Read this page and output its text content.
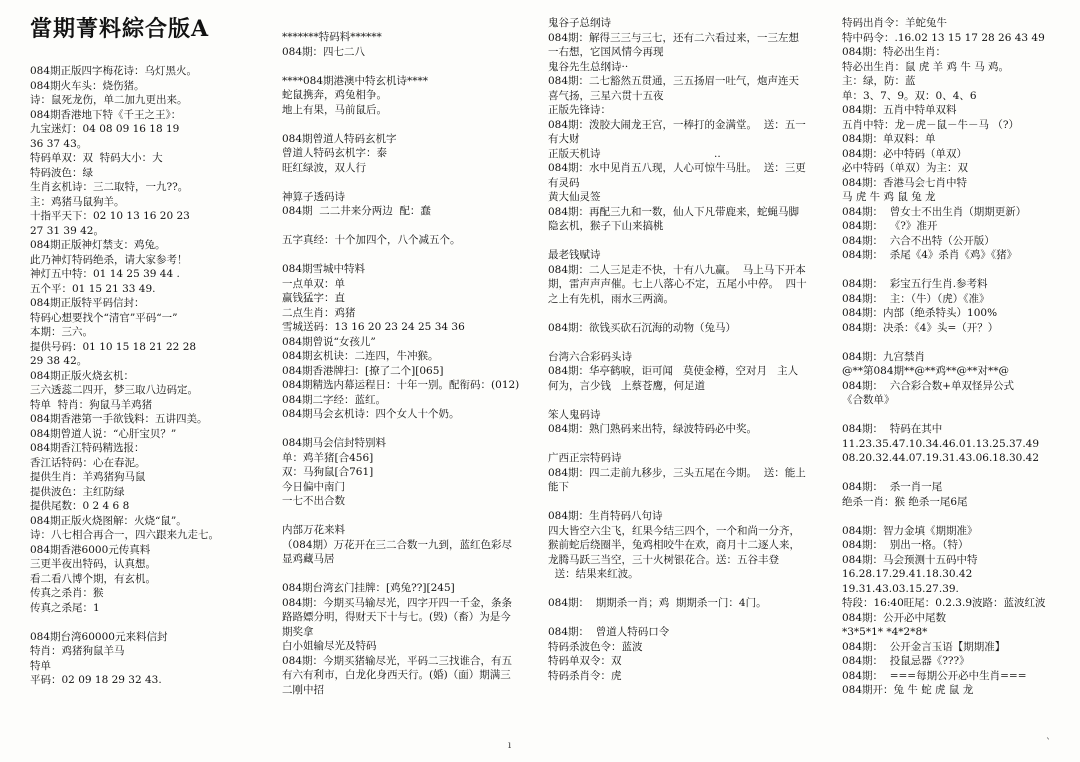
當期菁料綜合版A
084期正版四字梅花诗：乌灯黑火。
084期火车头：烧伤猪。
诗：鼠死龙伤，单二加九更出来。
084期香港地下特《千王之王》：
九宝迷灯：04 08 09 16 18 19
36 37 43。
特码单双：双  特码大小：大
特码波色：绿
生肖玄机诗：三二取特，一九??。
主：鸡猪马鼠狗羊。
十指平天下：02 10 13 16 20 23
27 31 39 42。
084期正版神灯禁支：鸡兔。
此乃神灯特码绝杀，请大家参考！
神灯五中特：01 14 25 39 44 .
五个平：01 15 21 33 49.
084期正版特平码信封：
特码心想要找个“清官”平码“一”
本期：三六。
提供号码：01 10 15 18 21 22 28
29 38 42。
084期正版火烧玄机：
三六透蕊二四开，梦三取八边码定。
特单  特肖：狗鼠马羊鸡猪
084期香港第一手欲钱料：五讲四美。
084期曾道人说：“心肝宝贝？”
084期香江特码精选报：
香江话特码：心在春泥。
提供生肖：羊鸡猪狗马鼠
提供波色：主红防绿
提供尾数：0 2 4 6 8
084期正版火烧图解：火烧“鼠”。
诗：八七相合再合一，四六跟来九走七。
084期香港6000元传真料
三更半夜出特码，认真想。
看二看八博个期，有玄机。
传真之杀肖：猴
传真之杀尾：1
084期台湾60000元来料信封
特肖：鸡猪狗鼠羊马
特单
平码：02 09 18 29 32 43.
*******特码料******
084期：四七二八
****084期港澳中特玄机诗****
蛇鼠携奔，鸡兔相争。
地上有果，马前鼠后。
084期曾道人特码玄机字
曾道人特码玄机字：泰
旺红绿波，双人行
神算子透码诗
084期  二二井来分两边  配：蠢
五字真经：十个加四个，八个减五个。
084期雪城中特料
一点单双：单
赢钱猛字：直
二点生肖：鸡猪
雪城送码：13 16 20 23 24 25 34 36
084期曾说“女孩儿”
084期玄机诀：二连四，牛冲猴。
084期香港牌扫：[撩了二个][065]
084期精选内幕运程日：十年一别。配衔码：(012)
084期二字经：蓝红。
084期马会玄机诗：四个女人十个奶。
084期马会信封特别料
单：鸡羊猪[合456]
双：马狗鼠[合761]
今日偏中南门
一七不出合数
内部万花来料
（084期）万花开在三二合数一九到，蓝红色彩尽
显鸡藏马居
084期台湾玄门挂牌：[鸡兔??][245]
084期：今期买马输尽光，四字开四一千金，条条
路路嫖分明，得财天下十与七。(毁)（畜）为是今
期奖拿
白小姐输尽光及特码
084期：今期买猪输尽光，平码二三找谁合，有五
有六有利市，白龙化身西天行。(婚)（面）期满三
二刚中招
鬼谷子总纲诗
084期：解得三三与三七，还有二六看过来，一三左想
一右想，它国风情今再现
鬼谷先生总纲诗··
084期：二七豁然五贯通，三五扬眉一吐气，炮声连天
喜气扬，三星六贯十五夜
正版先锋诗：
084期：泼胶大闹龙王宫，一棒打的金满堂。  送：五一
有大财
正版天机诗                                  ..
084期：水中见肖五八现，人心可惊牛马肚。  送：三更
有灵码
黄大仙灵签
084期：再配三九和一数，仙人下凡带鹿来，蛇蝇马脚
隐玄机，猴子下山来搞桃
最老钱赋诗
084期：二人三足走不快，十有八九赢。  马上马下开本
期，雷声声声催。七上八落心不定，五尾小中停。  四十
之上有先机，雨水三两滴。
084期：欲钱买砍石沉海的动物（兔马）
台湾六合彩码头诗
084期：华亭鹤唳，讵可闻   莫使金樽，空对月   主人
何为，言少钱   上蔡苍鹰，何足道
笨人鬼码诗
084期：熟门熟码来出特，绿波特码必中奖。
广西正宗特码诗
084期：四二走前九移步，三头五尾在今期。  送：能上
能下
084期：生肖特码八句诗
四大皆空六尘飞，红果今结三四个，一个和尚一分齐，
猴前蛇后绕圈半，兔鸡相咬牛在欢，商月十二逐人来，
龙腾马跃三当空，三十火树银花合。送：五谷丰登
送：结果来红波。
084期：  期期杀一肖；鸡  期期杀一门：4门。
084期：  曾道人特码口令
特码杀波色令：蓝波
特码单双令：双
特码杀肖令：虎
特码出肖令：羊蛇兔牛
特中码令：.16.02 13 15 17 28 26 43 49
084期：特必出生肖：
特必出生肖：鼠 虎 羊 鸡 牛 马 鸡。
主：绿，防：蓝
单：3、7、9。双：0、4、6
084期：五肖中特单双料
五肖中特：龙－虎－鼠－牛－马 （?）
084期：单双料：单
084期：必中特码（单双）
必中特码（单双）为主：双
084期：香港马会七肖中特
马 虎 牛 鸡 鼠 兔 龙
084期：  曾女士不出生肖（期期更新）
084期：  《?》准开
084期：  六合不出特（公开版）
084期：  杀尾《4》杀肖《鸡》《猪》
084期：  彩宝五行生肖.参考料
084期：  主：（牛）（虎）《准》
084期：内部（绝杀特头）100%
084期：决杀：《4》头=（开？）
084期：九宫禁肖
@**第084期**@**鸡**@**对**@
084期：  六合彩合数+单双怪异公式
《合数单》
084期：  特码在其中
11.23.35.47.10.34.46.01.13.25.37.49
08.20.32.44.07.19.31.43.06.18.30.42
084期：  杀一肖一尾
绝杀一肖：猴 绝杀一尾6尾
084期：智力金填《期期准》
084期：  别出一格。（特）
084期：马会预测十五码中特
16.28.17.29.41.18.30.42
19.31.43.03.15.27.39.
特段：16:40旺尾：0.2.3.9波路：蓝波红波
084期：公开必中尾数
*3*5*1* *4*2*8*
084期：  公开金言玉语【期期准】
084期：  投鼠忌器《???》
084期：  ===每期公开必中生肖===
084期开：兔 牛 蛇 虎 鼠 龙
ı	`
